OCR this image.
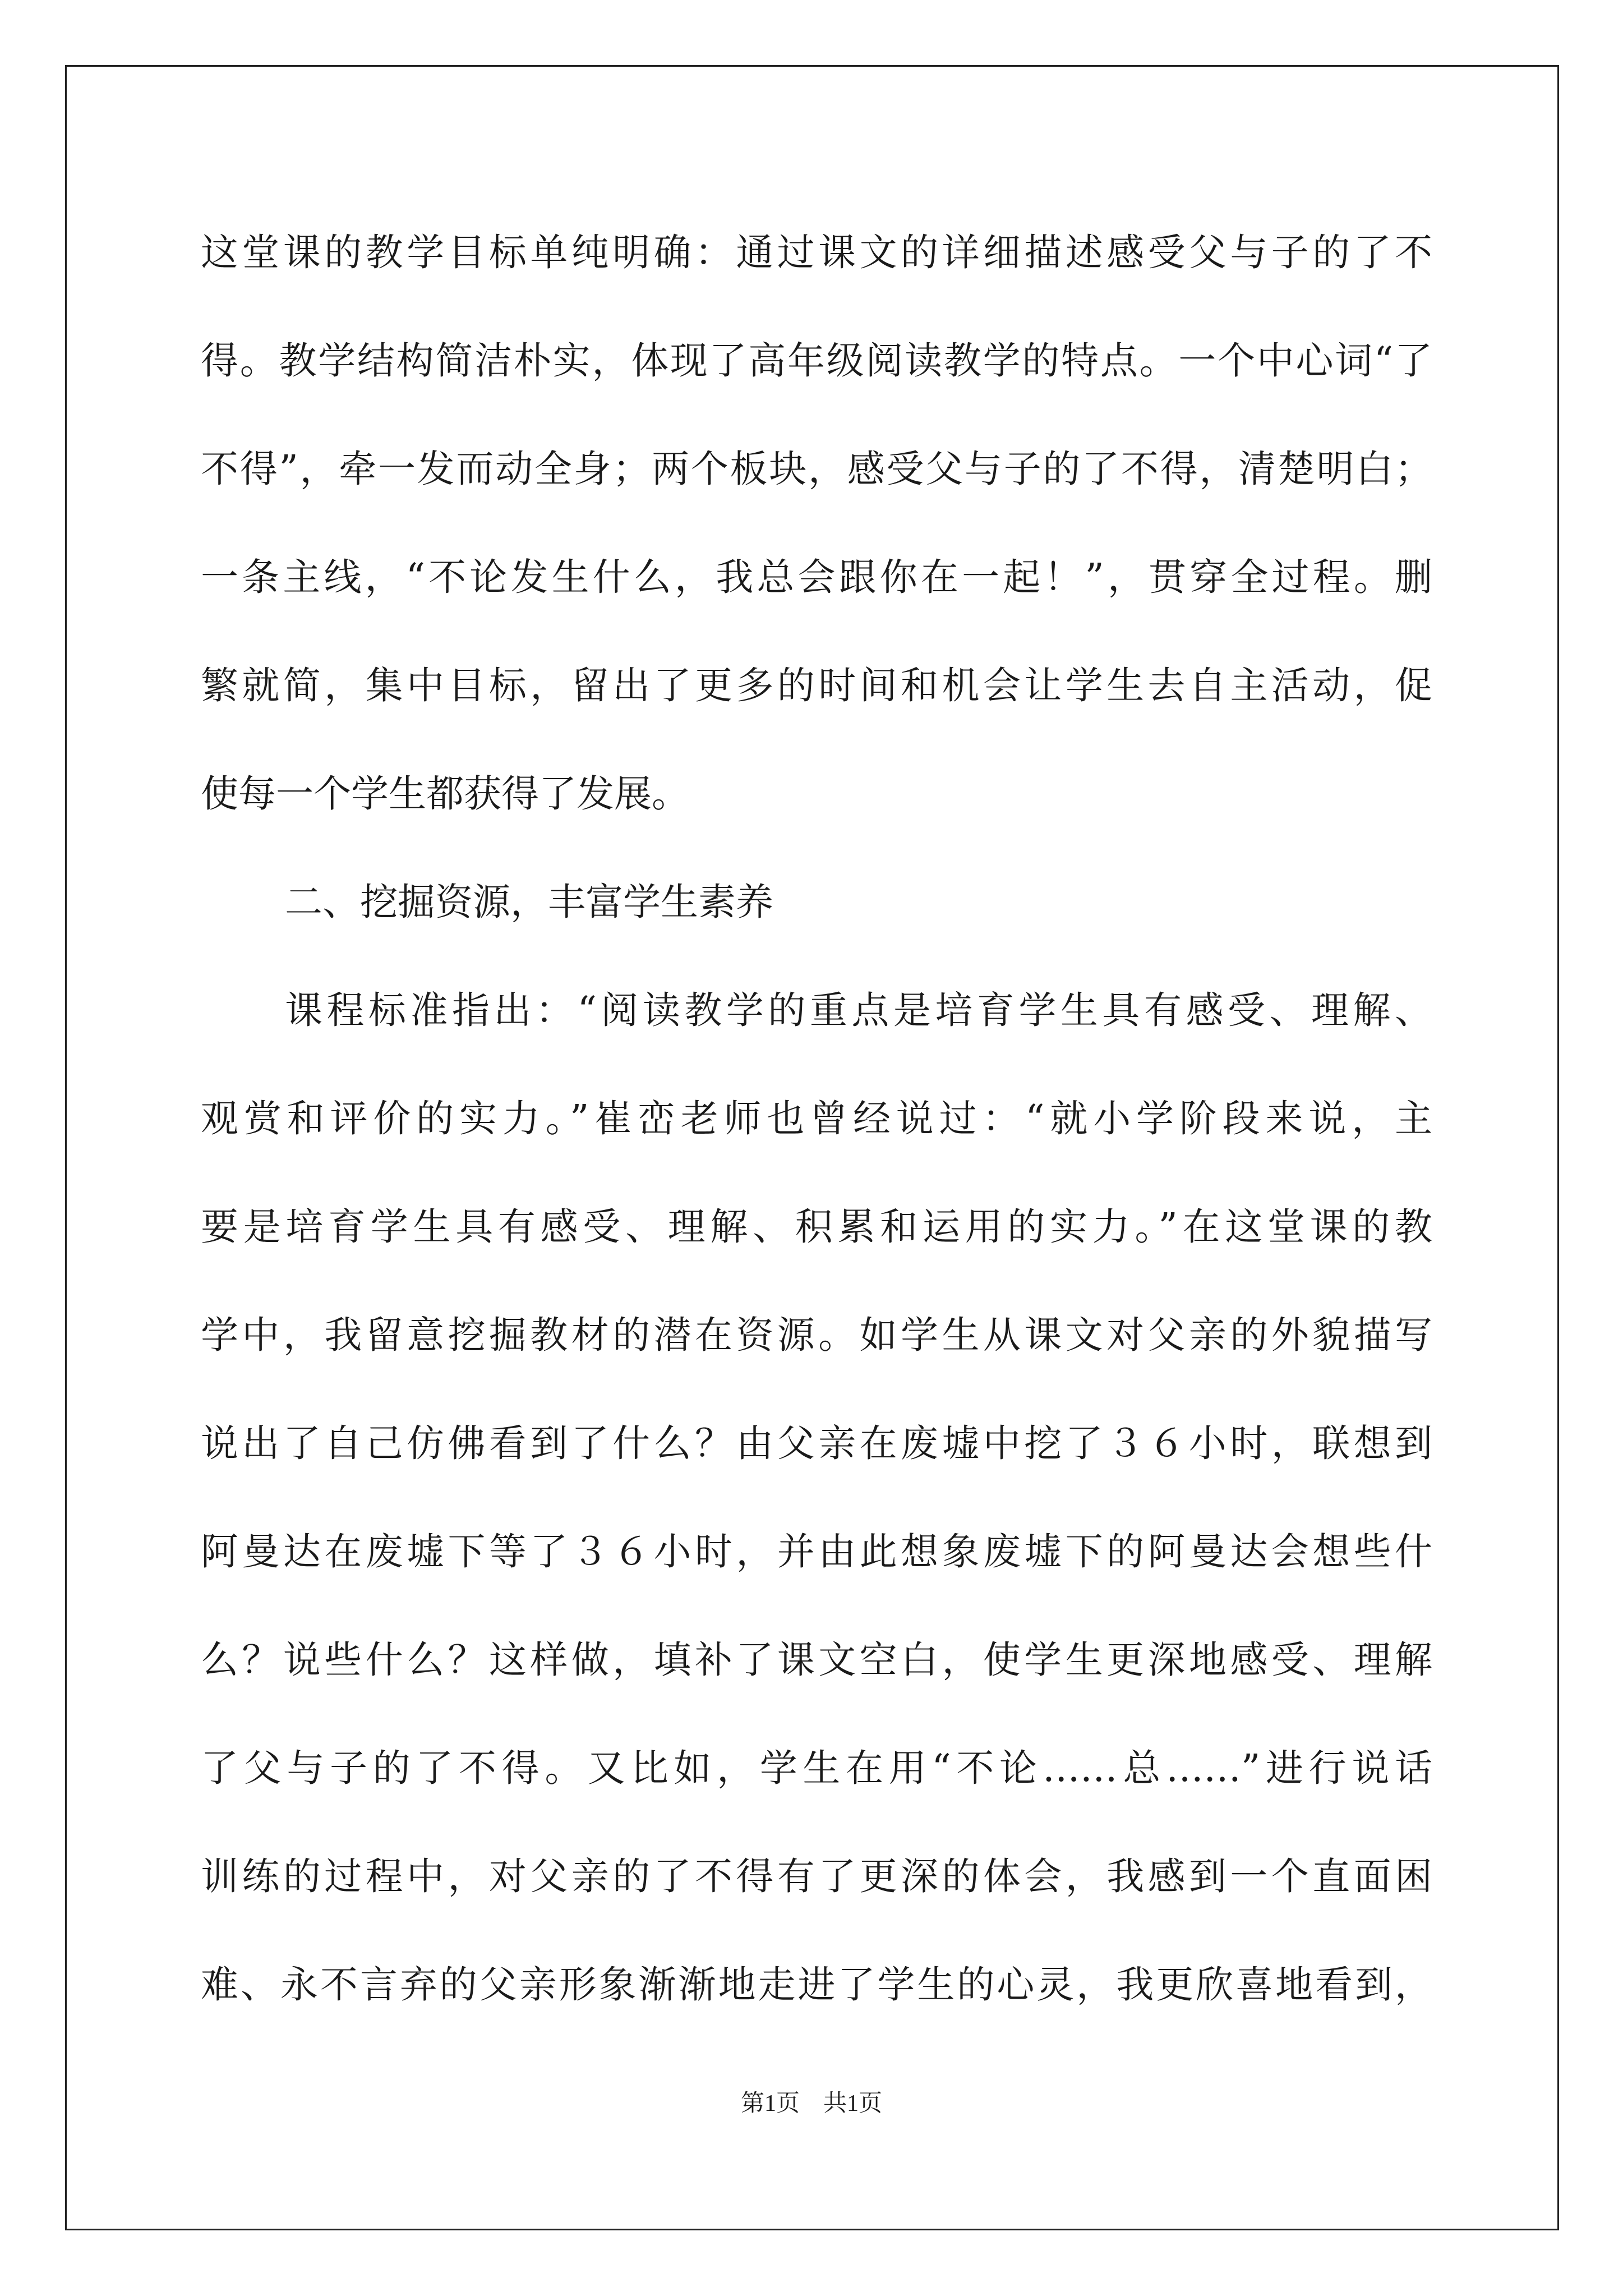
这堂课的教学目标单纯明确：通过课文的详细描述感受父与子的了不
得。教学结构简洁朴实，体现了高年级阅读教学的特点。一个中心词“了
不得”，牵一发而动全身；两个板块，感受父与子的了不得，清楚明白；
一条主线，“不论发生什么，我总会跟你在一起！”，贯穿全过程。删
繁就简，集中目标，留出了更多的时间和机会让学生去自主活动，促
使每一个学生都获得了发展。
二、挖掘资源，丰富学生素养
课程标准指出：“阅读教学的重点是培育学生具有感受、理解、
观赏和评价的实力。”崔峦老师也曾经说过：“就小学阶段来说，主
要是培育学生具有感受、理解、积累和运用的实力。”在这堂课的教
学中，我留意挖掘教材的潜在资源。如学生从课文对父亲的外貌描写
说出了自己仿佛看到了什么？由父亲在废墟中挖了３６小时，联想到
阿曼达在废墟下等了３６小时，并由此想象废墟下的阿曼达会想些什
么？说些什么？这样做，填补了课文空白，使学生更深地感受、理解
了父与子的了不得。又比如，学生在用“不论……总……”进行说话
训练的过程中，对父亲的了不得有了更深的体会，我感到一个直面困
难、永不言弃的父亲形象渐渐地走进了学生的心灵，我更欣喜地看到，
第1页　共1页
